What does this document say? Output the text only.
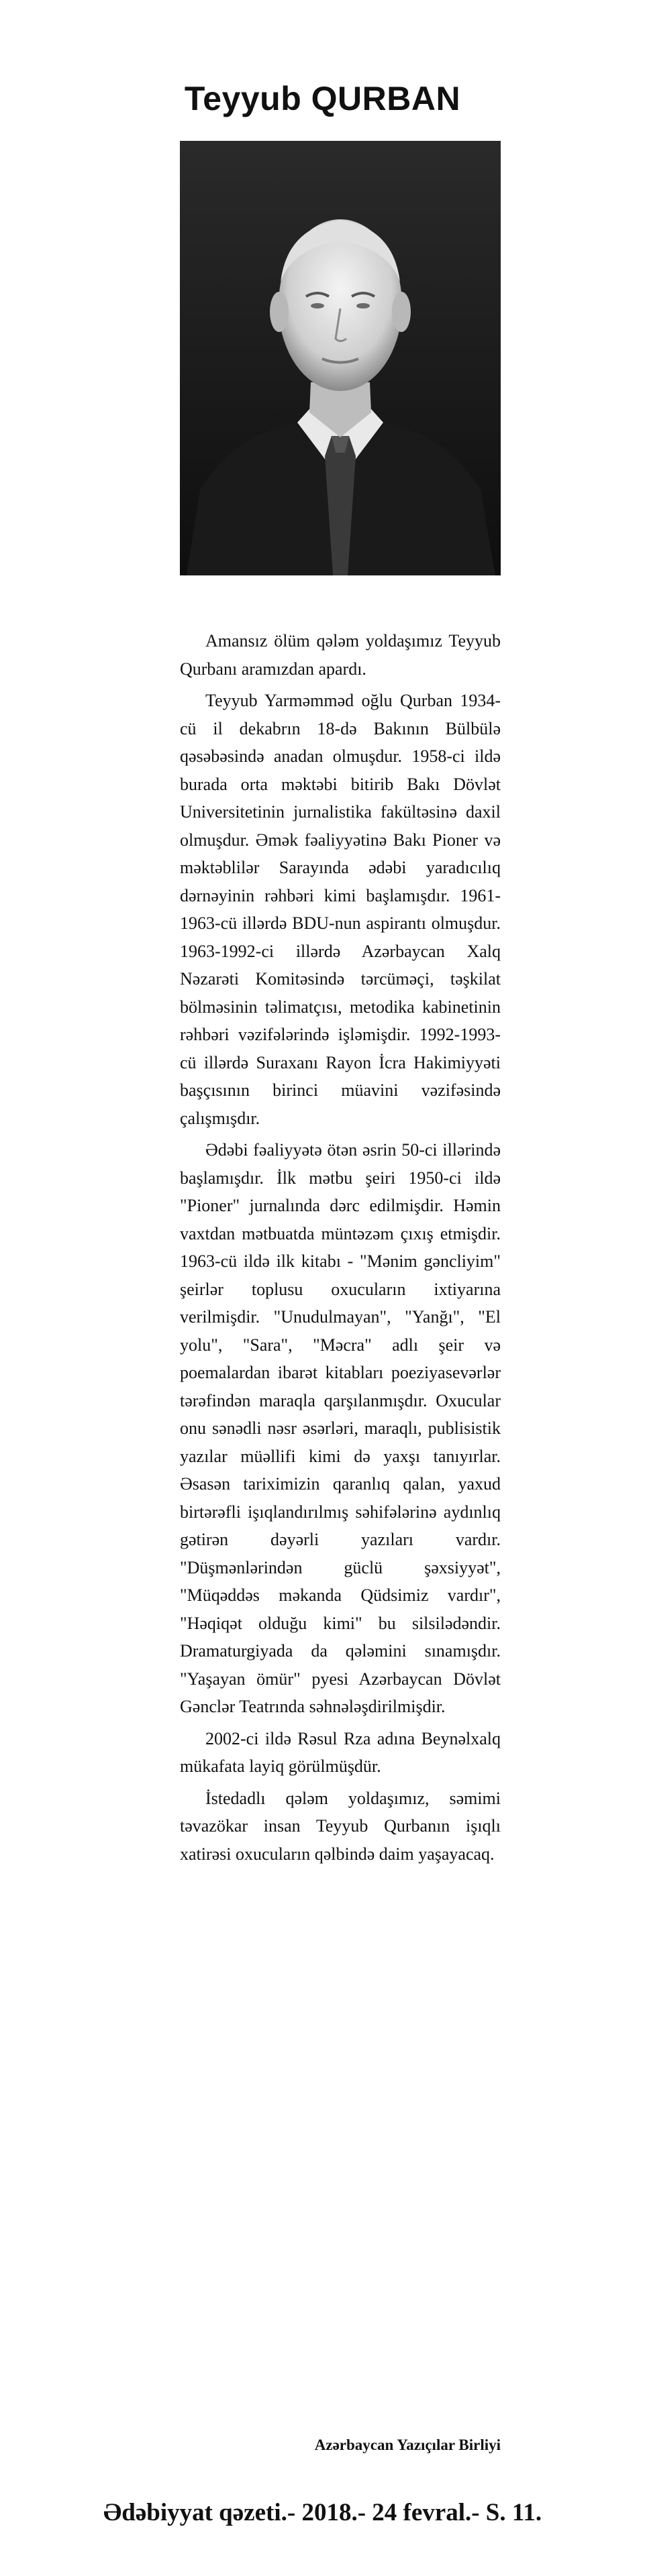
Teyyub QURBAN

Amansız ölüm qələm yoldaşımız Teyyub Qurbanı aramızdan apardı.

Teyyub Yarməmməd oğlu Qurban 1934-cü il dekabrın 18-də Bakının Bülbülə qəsəbəsində anadan olmuşdur. 1958-ci ildə burada orta məktəbi bitirib Bakı Dövlət Universitetinin jurnalistika fakültəsinə daxil olmuşdur. Əmək fəaliyyətinə Bakı Pioner və məktəblilər Sarayında ədəbi yaradıcılıq dərnəyinin rəhbəri kimi başlamışdır. 1961-1963-cü illərdə BDU-nun aspirantı olmuşdur. 1963-1992-ci illərdə Azərbaycan Xalq Nəzarəti Komitəsində tərcüməçi, təşkilat bölməsinin təlimatçısı, metodika kabinetinin rəhbəri vəzifələrində işləmişdir. 1992-1993-cü illərdə Suraxanı Rayon İcra Hakimiyyəti başçısının birinci müavini vəzifəsində çalışmışdır.

Ədəbi fəaliyyətə ötən əsrin 50-ci illərində başlamışdır. İlk mətbu şeiri 1950-ci ildə "Pioner" jurnalında dərc edilmişdir. Həmin vaxtdan mətbuatda müntəzəm çıxış etmişdir. 1963-cü ildə ilk kitabı - "Mənim gəncliyim" şeirlər toplusu oxucuların ixtiyarına verilmişdir. "Unudulmayan", "Yanğı", "El yolu", "Sara", "Məcra" adlı şeir və poemalardan ibarət kitabları poeziyasevərlər tərəfindən maraqla qarşılanmışdır. Oxucular onu sənədli nəsr əsərləri, maraqlı, publisistik yazılar müəllifi kimi də yaxşı tanıyırlar. Əsasən tariximizin qaranlıq qalan, yaxud birtərəfli işıqlandırılmış səhifələrinə aydınlıq gətirən dəyərli yazıları vardır. "Düşmənlərindən güclü şəxsiyyət", "Müqəddəs məkanda Qüdsimiz vardır", "Həqiqət olduğu kimi" bu silsilədəndir. Dramaturgiyada da qələmini sınamışdır. "Yaşayan ömür" pyesi Azərbaycan Dövlət Gənclər Teatrında səhnələşdirilmişdir.

2002-ci ildə Rəsul Rza adına Beynəlxalq mükafata layiq görülmüşdür.

İstedadlı qələm yoldaşımız, səmimi təvazökar insan Teyyub Qurbanın işıqlı xatirəsi oxucuların qəlbində daim yaşayacaq.

Azərbaycan Yazıçılar Birliyi
Ədəbiyyat qəzeti.- 2018.- 24 fevral.- S. 11.
